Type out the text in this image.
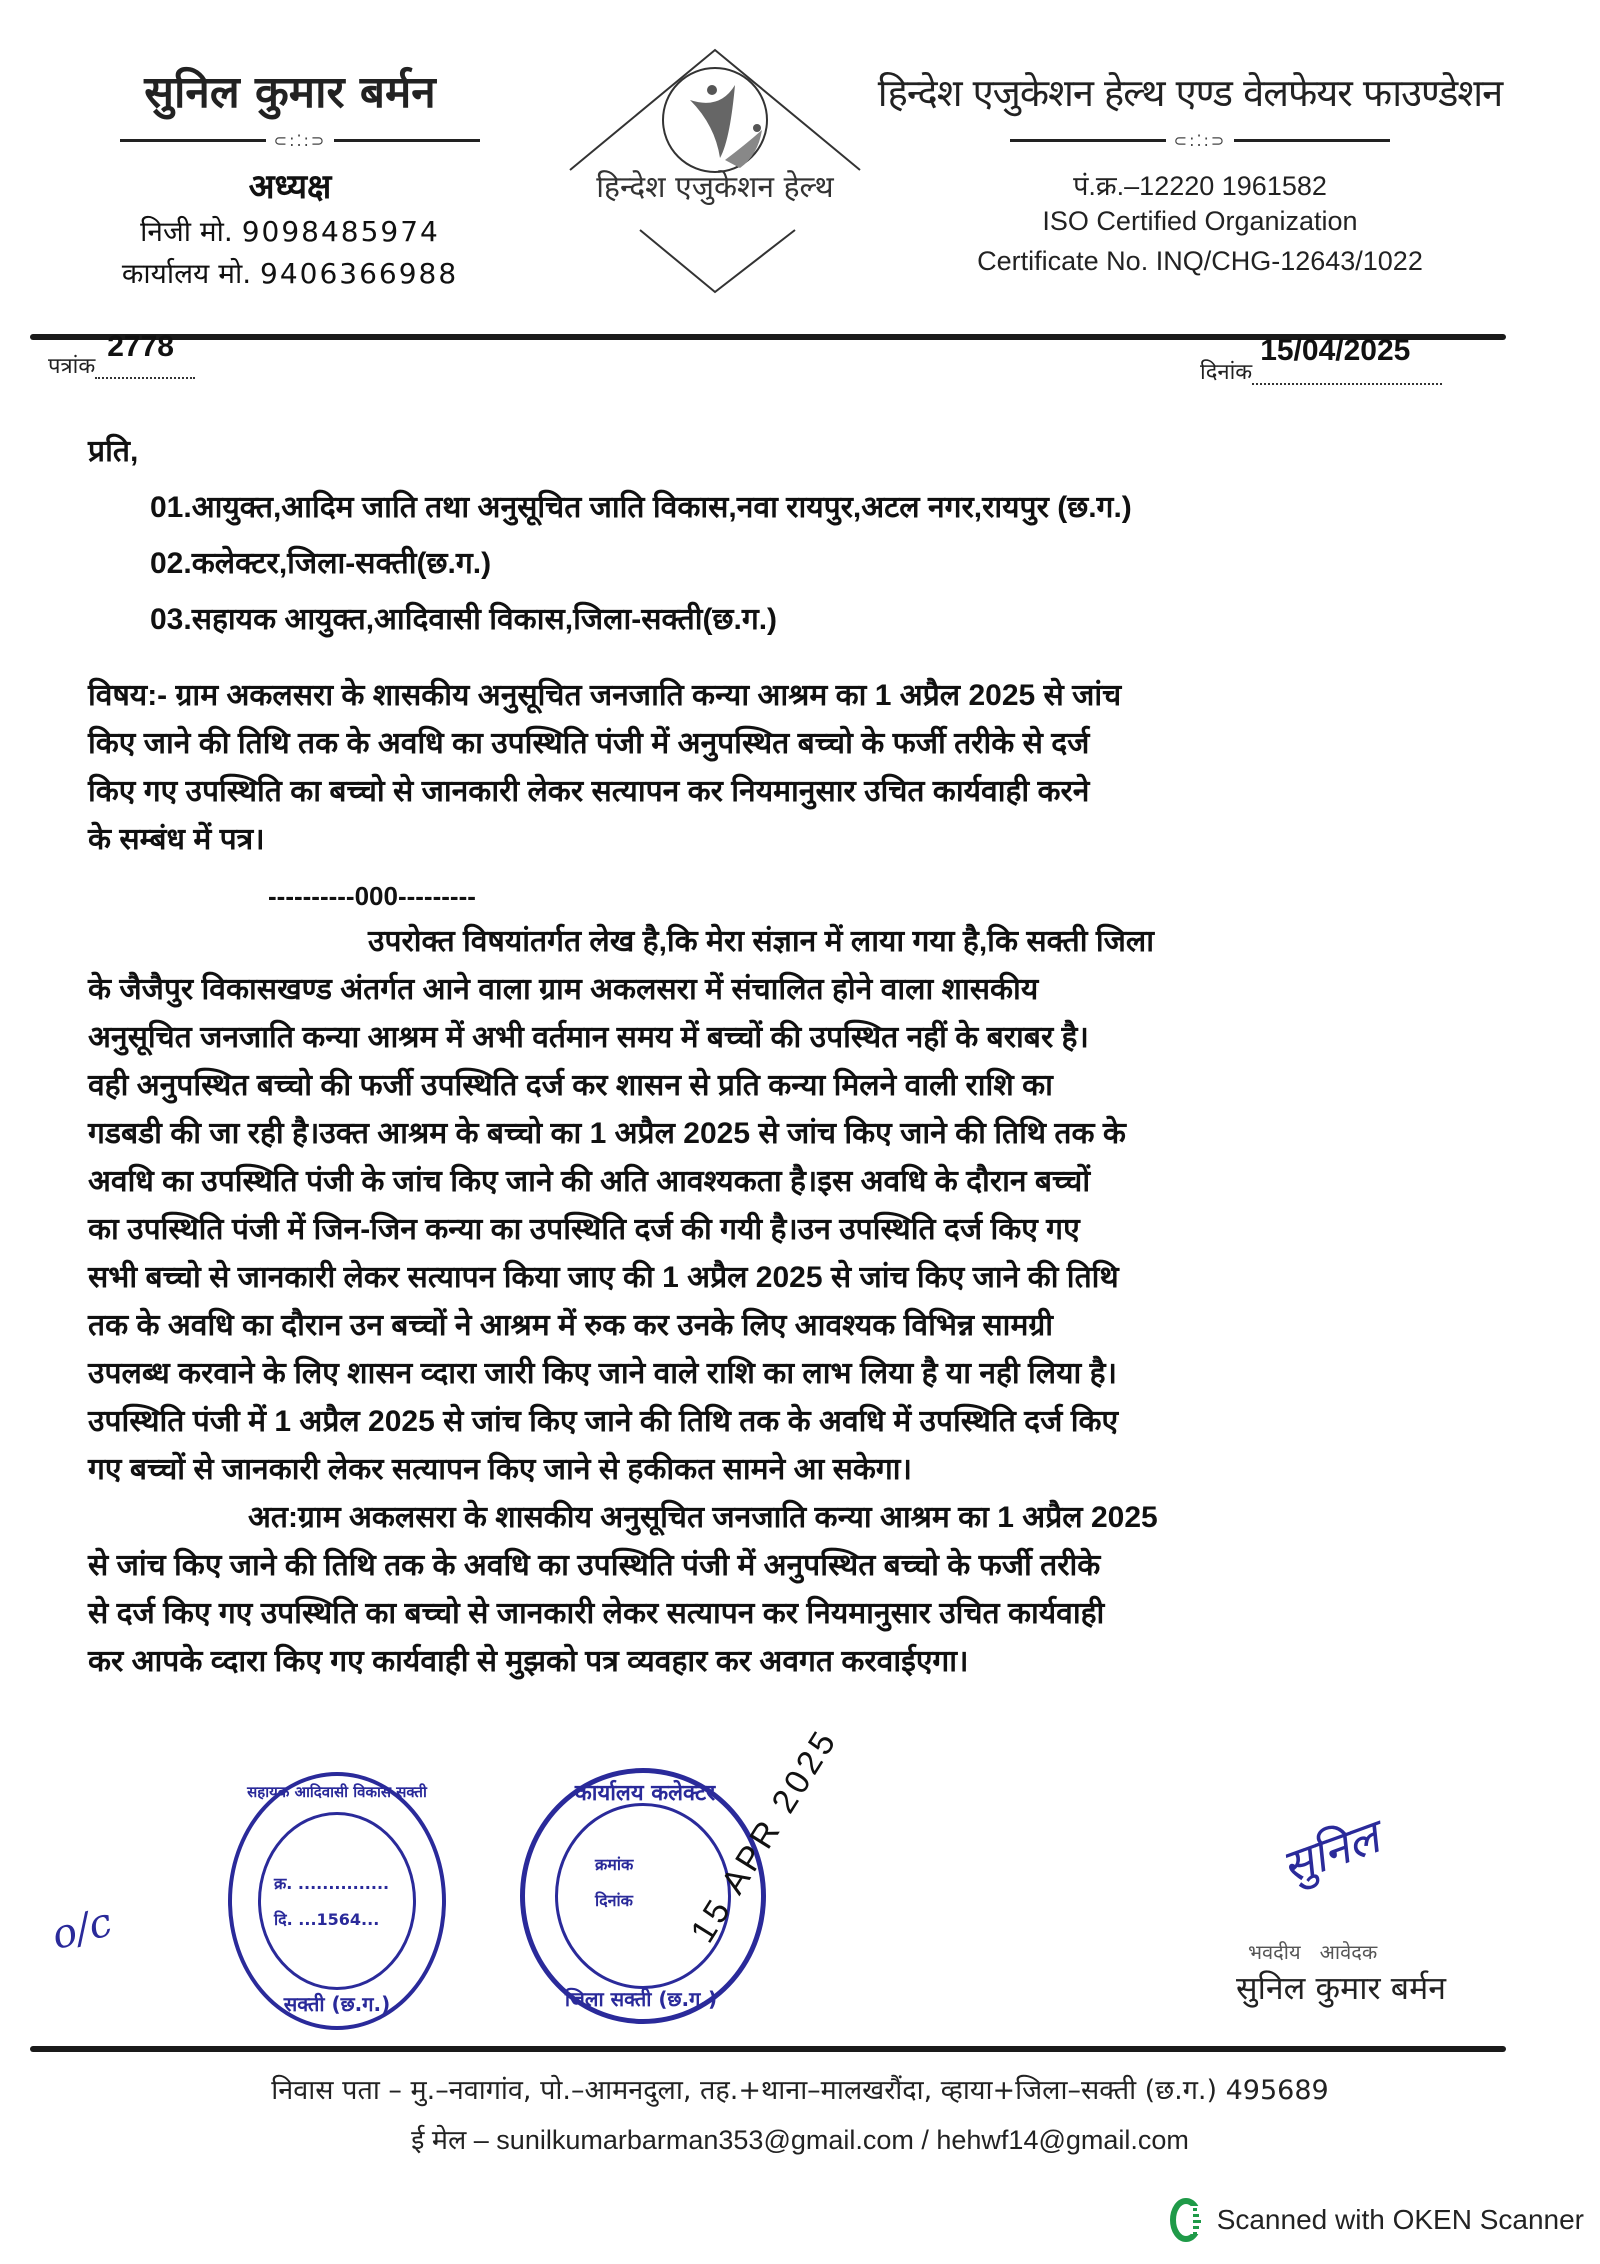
सुनिल कुमार बर्मन
⊂:⁚:⊃
अध्यक्ष
निजी मो. 9098485974
कार्यालय मो. 9406366988
हिन्देश एजुकेशन हेल्थ
हिन्देश एजुकेशन हेल्थ एण्ड वेलफेयर फाउण्डेशन
⊂:⁚:⊃
पं.क्र.–12220 1961582
ISO Certified Organization
Certificate No. INQ/CHG-12643/1022
पत्रांक
2778

दिनांक
15/04/2025

प्रति,
01.आयुक्त,आदिम जाति तथा अनुसूचित जाति विकास,नवा रायपुर,अटल नगर,रायपुर (छ.ग.)
02.कलेक्टर,जिला-सक्ती(छ.ग.)
03.सहायक आयुक्त,आदिवासी विकास,जिला-सक्ती(छ.ग.)
विषय:- ग्राम अकलसरा के शासकीय अनुसूचित जनजाति कन्या आश्रम का 1 अप्रैल 2025 से जांच
किए जाने की तिथि तक के अवधि का उपस्थिति पंजी में अनुपस्थित बच्चो के फर्जी तरीके से दर्ज
किए गए उपस्थिति का बच्चो से जानकारी लेकर सत्यापन कर नियमानुसार उचित कार्यवाही करने
के सम्बंध में पत्र।
----------000---------
उपरोक्त विषयांतर्गत लेख है,कि मेरा संज्ञान में लाया गया है,कि सक्ती जिला
के जैजैपुर विकासखण्ड अंतर्गत आने वाला ग्राम अकलसरा में संचालित होने वाला शासकीय
अनुसूचित जनजाति कन्या आश्रम में अभी वर्तमान समय में बच्चों की उपस्थित नहीं के बराबर है।
वही अनुपस्थित बच्चो की फर्जी उपस्थिति दर्ज कर शासन से प्रति कन्या मिलने वाली राशि का
गडबडी की जा रही है।उक्त आश्रम के बच्चो का 1 अप्रैल 2025 से जांच किए जाने की तिथि तक के
अवधि का उपस्थिति पंजी के जांच किए जाने की अति आवश्यकता है।इस अवधि के दौरान बच्चों
का उपस्थिति पंजी में जिन-जिन कन्या का उपस्थिति दर्ज की गयी है।उन उपस्थिति दर्ज किए गए
सभी बच्चो से जानकारी लेकर सत्यापन किया जाए की 1 अप्रैल 2025 से जांच किए जाने की तिथि
तक के अवधि का दौरान उन बच्चों ने आश्रम में रुक कर उनके लिए आवश्यक विभिन्न सामग्री
उपलब्ध करवाने के लिए शासन व्दारा जारी किए जाने वाले राशि का लाभ लिया है या नही लिया है।
उपस्थिति पंजी में 1 अप्रैल 2025 से जांच किए जाने की तिथि तक के अवधि में उपस्थिति दर्ज किए
गए बच्चों से जानकारी लेकर सत्यापन किए जाने से हकीकत सामने आ सकेगा।
अत:ग्राम अकलसरा के शासकीय अनुसूचित जनजाति कन्या आश्रम का 1 अप्रैल 2025
से जांच किए जाने की तिथि तक के अवधि का उपस्थिति पंजी में अनुपस्थित बच्चो के फर्जी तरीके
से दर्ज किए गए उपस्थिति का बच्चो से जानकारी लेकर सत्यापन कर नियमानुसार उचित कार्यवाही
कर आपके व्दारा किए गए कार्यवाही से मुझको पत्र व्यवहार कर अवगत करवाईएगा।
o/c
सहायक आदिवासी विकास सक्ती
क्र. ...............
दि. ...1564...
सक्ती (छ.ग.)
कार्यालय कलेक्टर
क्रमांक
दिनांक
जिला सक्ती (छ.ग.)
15 APR 2025	सुनिल
भवदीय   आवेदक
सुनिल कुमार बर्मन
निवास पता – मु.–नवागांव, पो.–आमनदुला, तह.+थाना–मालखरौंदा, व्हाया+जिला–सक्ती (छ.ग.) 495689
ई मेल – sunilkumarbarman353@gmail.com / hehwf14@gmail.com
Scanned with OKEN Scanner
